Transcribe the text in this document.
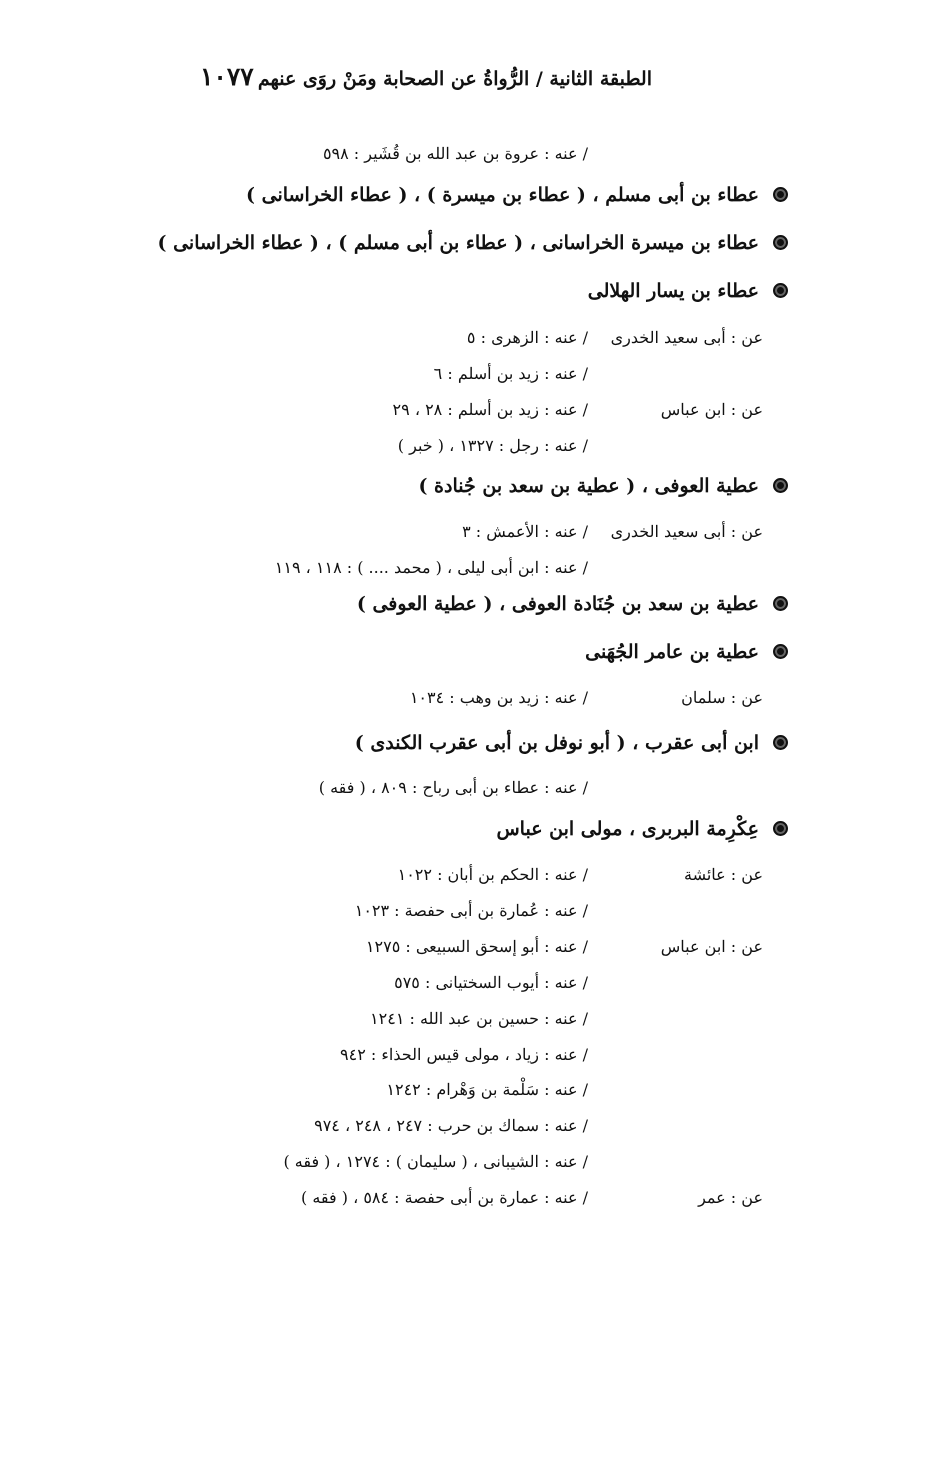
الطبقة الثانية / الرُّواةُ عن الصحابة ومَنْ روَى عنهم
١٠٧٧
/ عنه : عروة بن عبد الله بن قُشَير : ٥٩٨
عطاء بن أبى مسلم ، ( عطاء بن ميسرة ) ، ( عطاء الخراسانى )
عطاء بن ميسرة الخراسانى ، ( عطاء بن أبى مسلم ) ، ( عطاء الخراسانى )
عطاء بن يسار الهلالى
عن : أبى سعيد الخدرى
/ عنه : الزهرى : ٥
/ عنه : زيد بن أسلم : ٦
عن : ابن عباس
/ عنه : زيد بن أسلم : ٢٨ ، ٢٩
/ عنه : رجل : ١٣٢٧ ، ( خبر )
عطية العوفى ، ( عطية بن سعد بن جُنادة )
عن : أبى سعيد الخدرى
/ عنه : الأعمش : ٣
/ عنه : ابن أبى ليلى ، ( محمد .... ) : ١١٨ ، ١١٩
عطية بن سعد بن جُنَادة العوفى ، ( عطية العوفى )
عطية بن عامر الجُهَنى
عن : سلمان
/ عنه : زيد بن وهب : ١٠٣٤
ابن أبى عقرب ، ( أبو نوفل بن أبى عقرب الكندى )
/ عنه : عطاء بن أبى رباح : ٨٠٩ ، ( فقه )
عِكْرِمة البربرى ، مولى ابن عباس
عن : عائشة
/ عنه : الحكم بن أبان : ١٠٢٢
/ عنه : عُمارة بن أبى حفصة : ١٠٢٣
عن : ابن عباس
/ عنه : أبو إسحق السبيعى : ١٢٧٥
/ عنه : أيوب السختيانى : ٥٧٥
/ عنه : حسين بن عبد الله : ١٢٤١
/ عنه : زياد ، مولى قيس الحذاء : ٩٤٢
/ عنه : سَلْمة بن وَهْرام : ١٢٤٢
/ عنه : سماك بن حرب : ٢٤٧ ، ٢٤٨ ، ٩٧٤
/ عنه : الشيبانى ، ( سليمان ) : ١٢٧٤ ، ( فقه )
عن : عمر
/ عنه : عمارة بن أبى حفصة : ٥٨٤ ، ( فقه )
